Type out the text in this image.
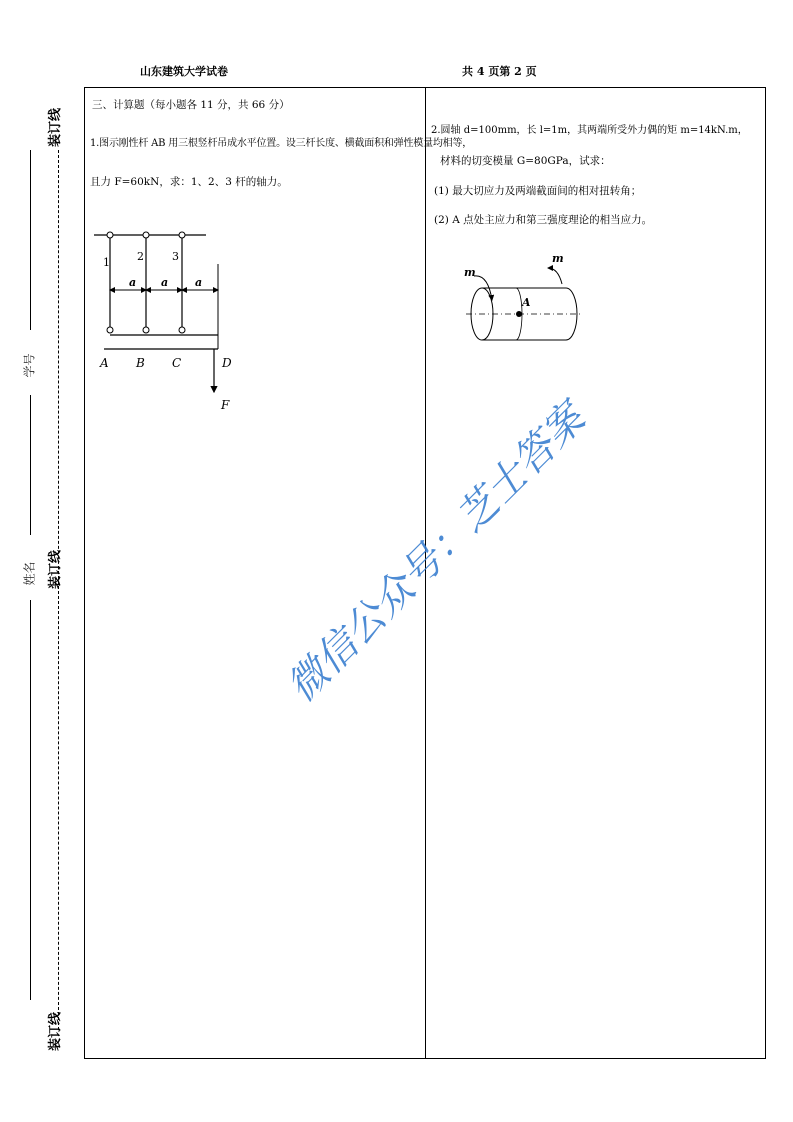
山东建筑大学试卷	共 4 页第 2 页
装订线
装订线
装订线
学号
姓名
三、计算题（每小题各 11 分，共 66 分）
1.图示刚性杆 AB 用三根竖杆吊成水平位置。设三杆长度、横截面积和弹性模量均相等，
且力 F=60kN，求：1、2、3 杆的轴力。
1 2	3
a a a
A B C	D
F
2.圆轴 d=100mm，长 l=1m，其两端所受外力偶的矩 m=14kN.m，
材料的切变模量 G=80GPa，试求：
(1) 最大切应力及两端截面间的相对扭转角；
(2) A 点处主应力和第三强度理论的相当应力。
m
m
A
微信公众号：芝士答案
